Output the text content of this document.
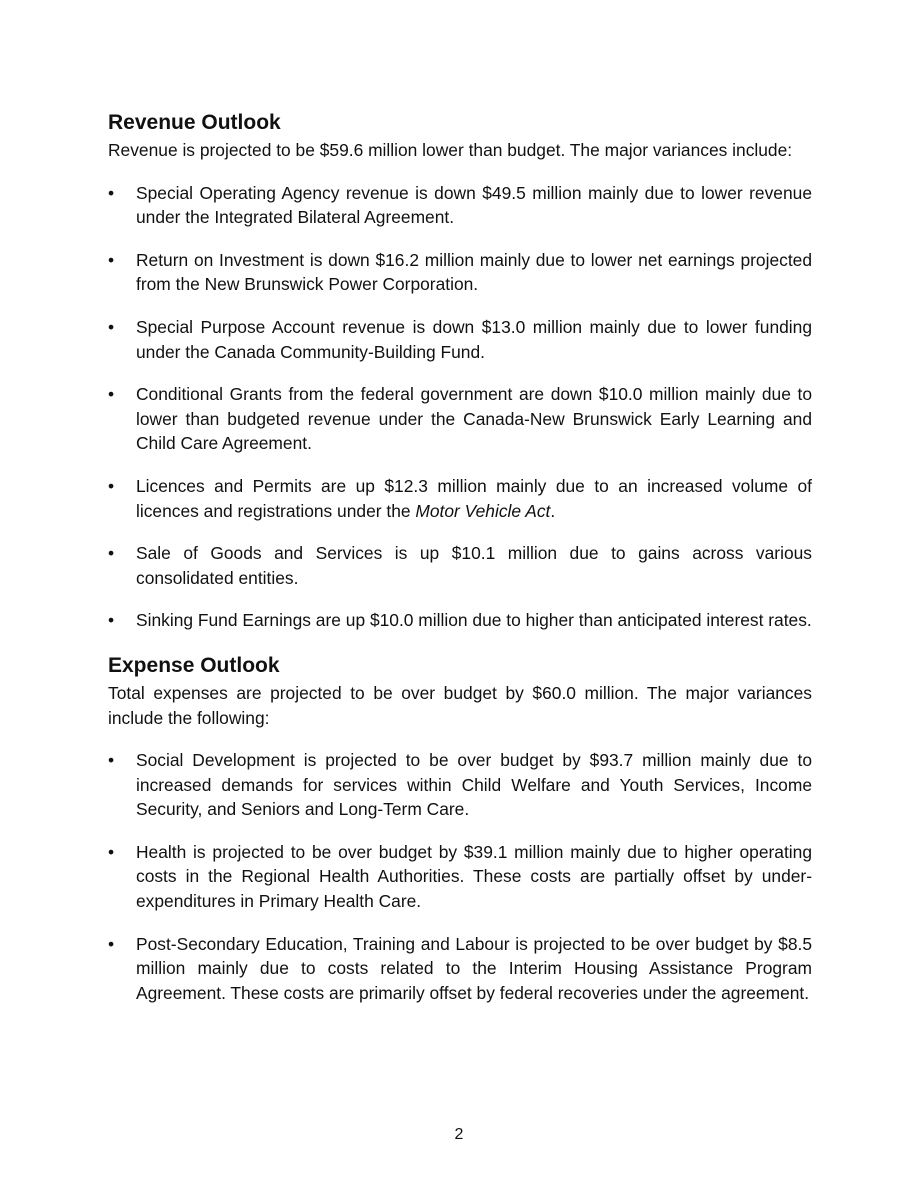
Revenue Outlook

Revenue is projected to be $59.6 million lower than budget. The major variances include:

•	Special Operating Agency revenue is down $49.5 million mainly due to lower revenue under the Integrated Bilateral Agreement.
•	Return on Investment is down $16.2 million mainly due to lower net earnings projected from the New Brunswick Power Corporation.
•	Special Purpose Account revenue is down $13.0 million mainly due to lower funding under the Canada Community-Building Fund.
•	Conditional Grants from the federal government are down $10.0 million mainly due to lower than budgeted revenue under the Canada-New Brunswick Early Learning and Child Care Agreement.
•	Licences and Permits are up $12.3 million mainly due to an increased volume of licences and registrations under the Motor Vehicle Act.
•	Sale of Goods and Services is up $10.1 million due to gains across various consolidated entities.
•	Sinking Fund Earnings are up $10.0 million due to higher than anticipated interest rates.
Expense Outlook

Total expenses are projected to be over budget by $60.0 million. The major variances include the following:

•	Social Development is projected to be over budget by $93.7 million mainly due to increased demands for services within Child Welfare and Youth Services, Income Security, and Seniors and Long-Term Care.
•	Health is projected to be over budget by $39.1 million mainly due to higher operating costs in the Regional Health Authorities. These costs are partially offset by under-expenditures in Primary Health Care.
•	Post-Secondary Education, Training and Labour is projected to be over budget by $8.5 million mainly due to costs related to the Interim Housing Assistance Program Agreement. These costs are primarily offset by federal recoveries under the agreement.
2
